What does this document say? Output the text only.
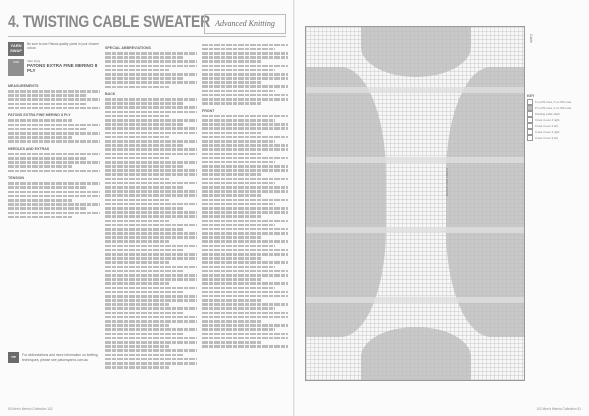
4. TWISTING CABLE SWEATER Advanced Knitting
YARN SWAP
Be sure to use Patons quality yarns in your chosen colour.
YARN	Yarn 8 ply
PATONS EXTRA FINE MERINO 8 PLY
MEASUREMENTS
PATONS EXTRA FINE MERINO 8 PLY
NEEDLES AND EXTRAS
TENSION
SPECIAL ABBREVIATIONS
BACK
FRONT
TIP	For abbreviations and more information on knitting techniques, please see patonsyarns.com.au
50 Men's Merino Collection 102
BLOCK AND FRONT
Cable
KEY
K on RS rows, P on WS rows
P on RS rows, K on WS rows
Twisting cable stitch
Cross 4 over 4 right
Cross 4 over 4 left
Cross 3 over 3 right
Cross 3 over 3 left
102 Men's Merino Collection 51
